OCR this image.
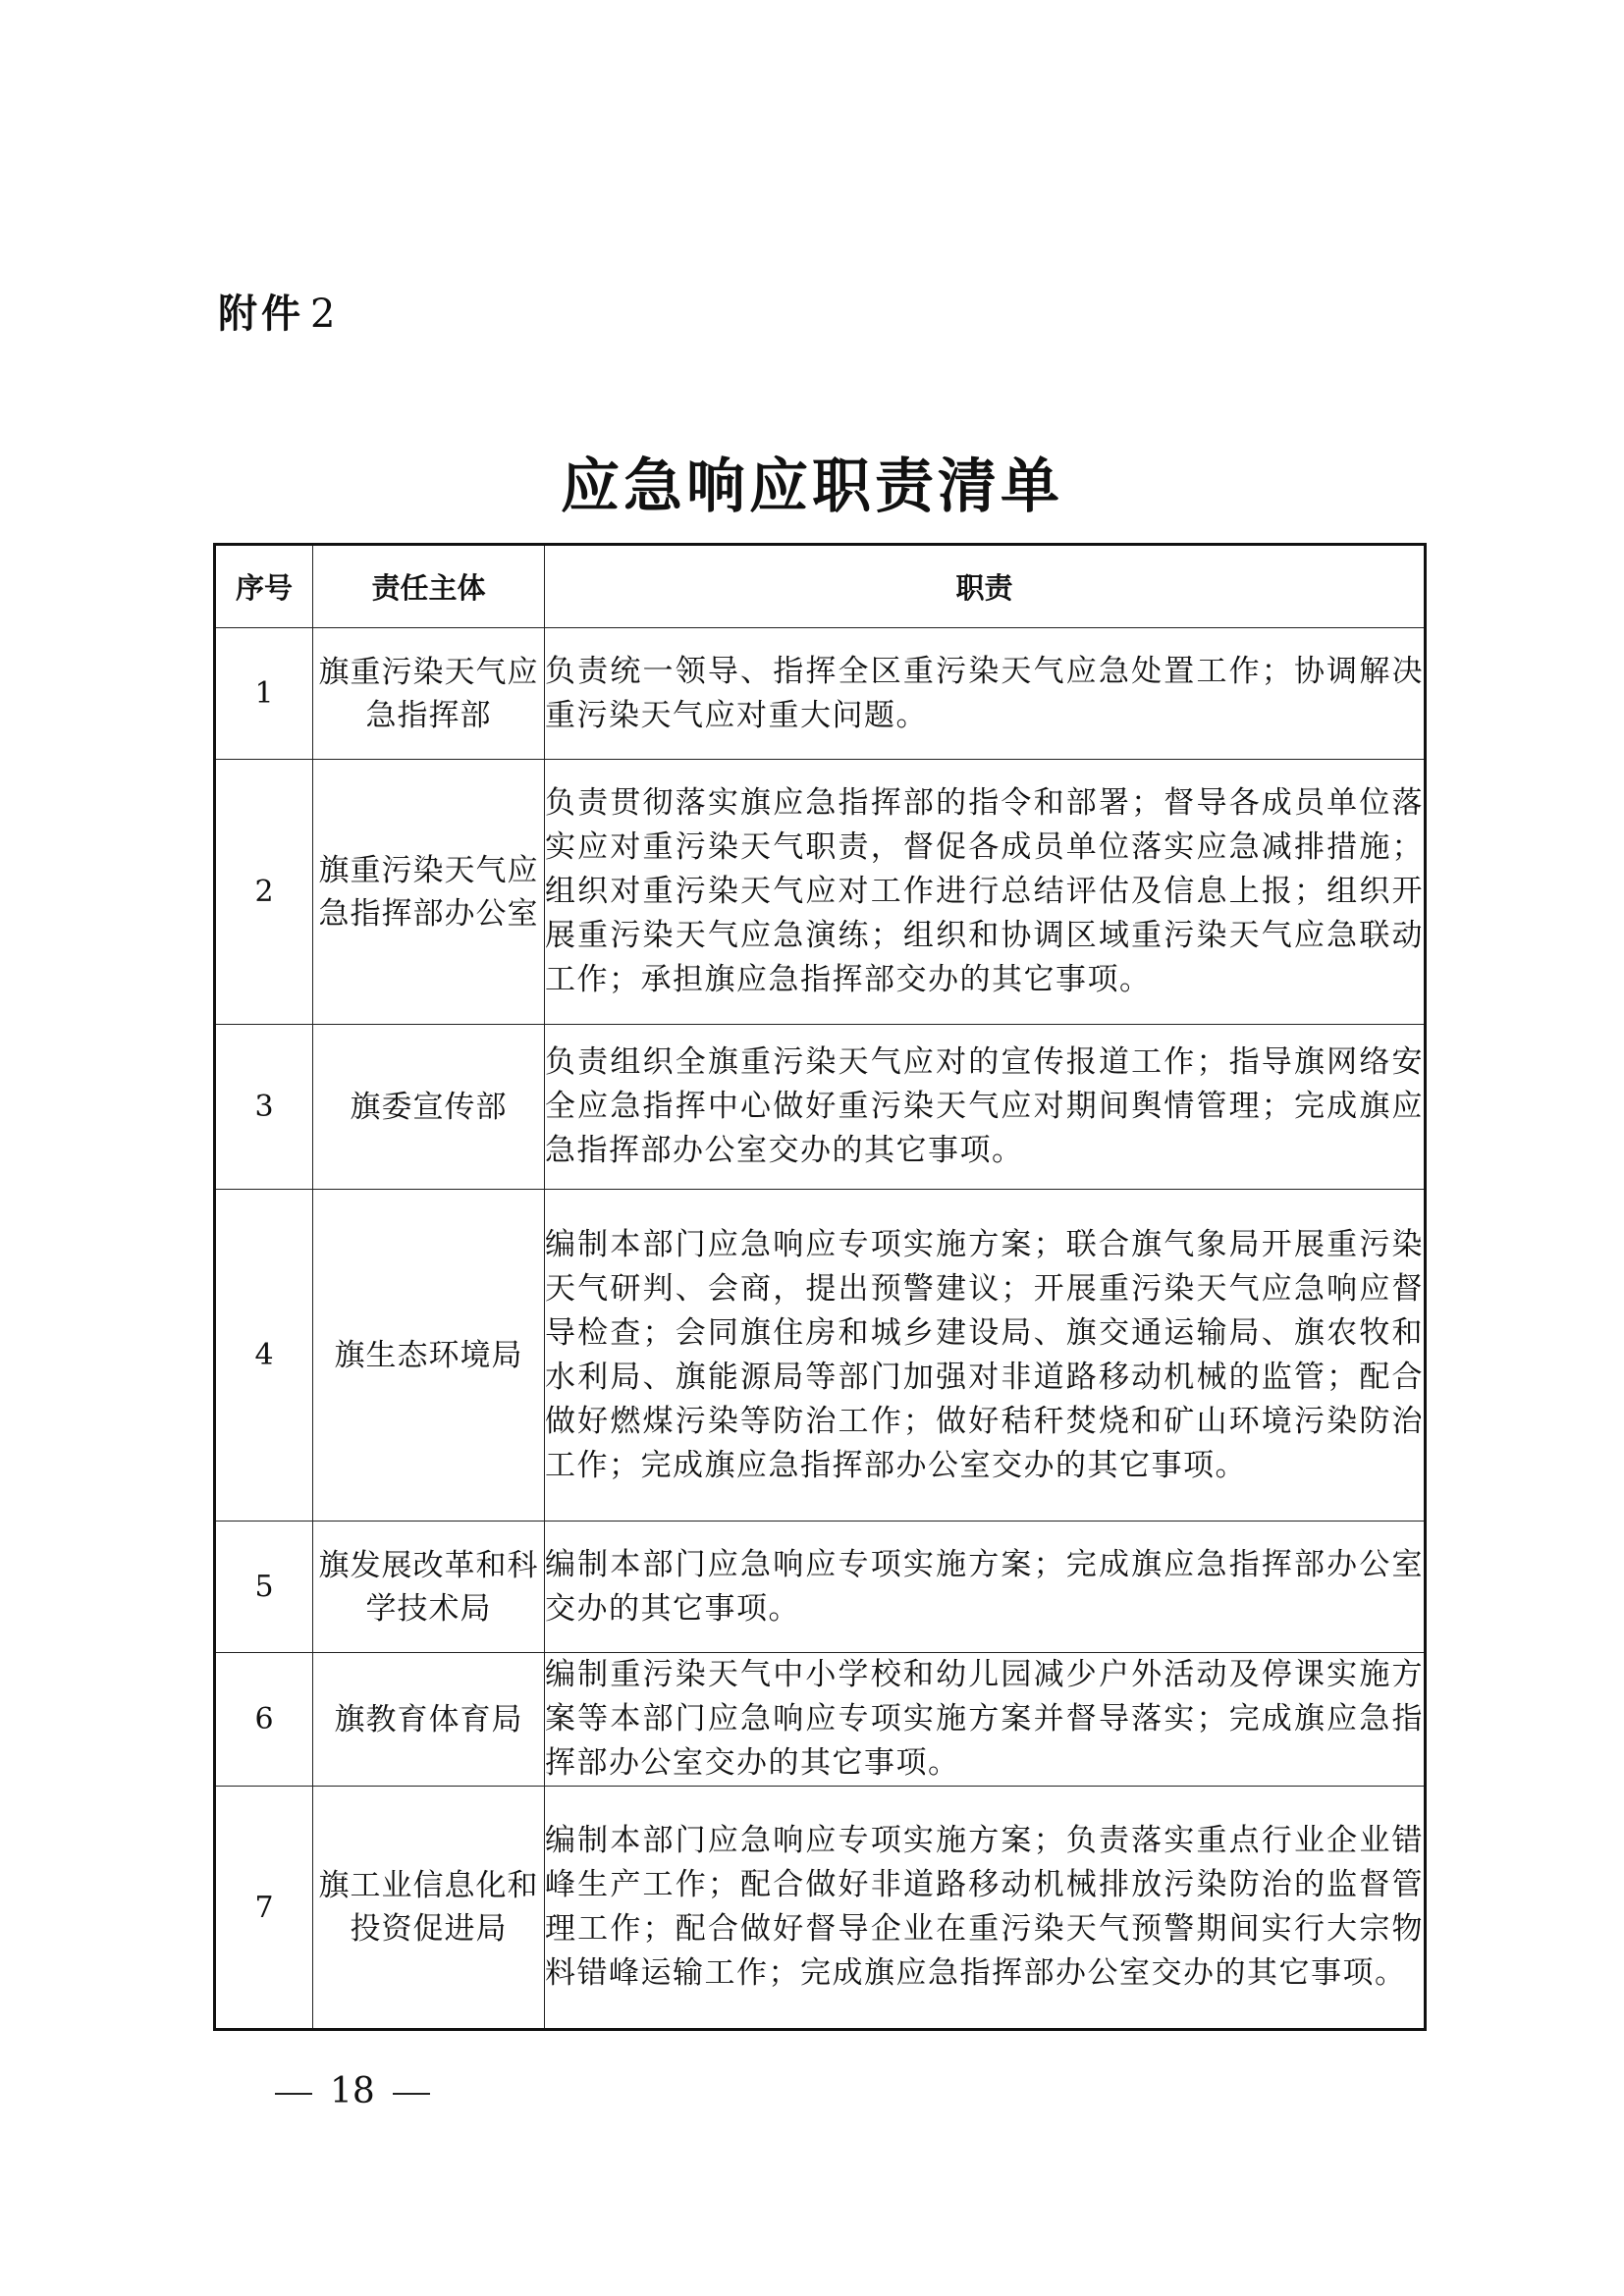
附件 2
应急响应职责清单
序号	责任主体	职责
1	旗重污染天气应急指挥部	负责统一领导、指挥全区重污染天气应急处置工作；协调解决重污染天气应对重大问题。
2	旗重污染天气应急指挥部办公室	负责贯彻落实旗应急指挥部的指令和部署；督导各成员单位落实应对重污染天气职责，督促各成员单位落实应急减排措施；组织对重污染天气应对工作进行总结评估及信息上报；组织开展重污染天气应急演练；组织和协调区域重污染天气应急联动工作；承担旗应急指挥部交办的其它事项。
3	旗委宣传部	负责组织全旗重污染天气应对的宣传报道工作；指导旗网络安全应急指挥中心做好重污染天气应对期间舆情管理；完成旗应急指挥部办公室交办的其它事项。
4	旗生态环境局	编制本部门应急响应专项实施方案；联合旗气象局开展重污染天气研判、会商，提出预警建议；开展重污染天气应急响应督导检查；会同旗住房和城乡建设局、旗交通运输局、旗农牧和水利局、旗能源局等部门加强对非道路移动机械的监管；配合做好燃煤污染等防治工作；做好秸秆焚烧和矿山环境污染防治工作；完成旗应急指挥部办公室交办的其它事项。
5	旗发展改革和科学技术局	编制本部门应急响应专项实施方案；完成旗应急指挥部办公室交办的其它事项。
6	旗教育体育局	编制重污染天气中小学校和幼儿园减少户外活动及停课实施方案等本部门应急响应专项实施方案并督导落实；完成旗应急指挥部办公室交办的其它事项。
7	旗工业信息化和投资促进局	编制本部门应急响应专项实施方案；负责落实重点行业企业错峰生产工作；配合做好非道路移动机械排放污染防治的监督管理工作；配合做好督导企业在重污染天气预警期间实行大宗物料错峰运输工作；完成旗应急指挥部办公室交办的其它事项。
18
